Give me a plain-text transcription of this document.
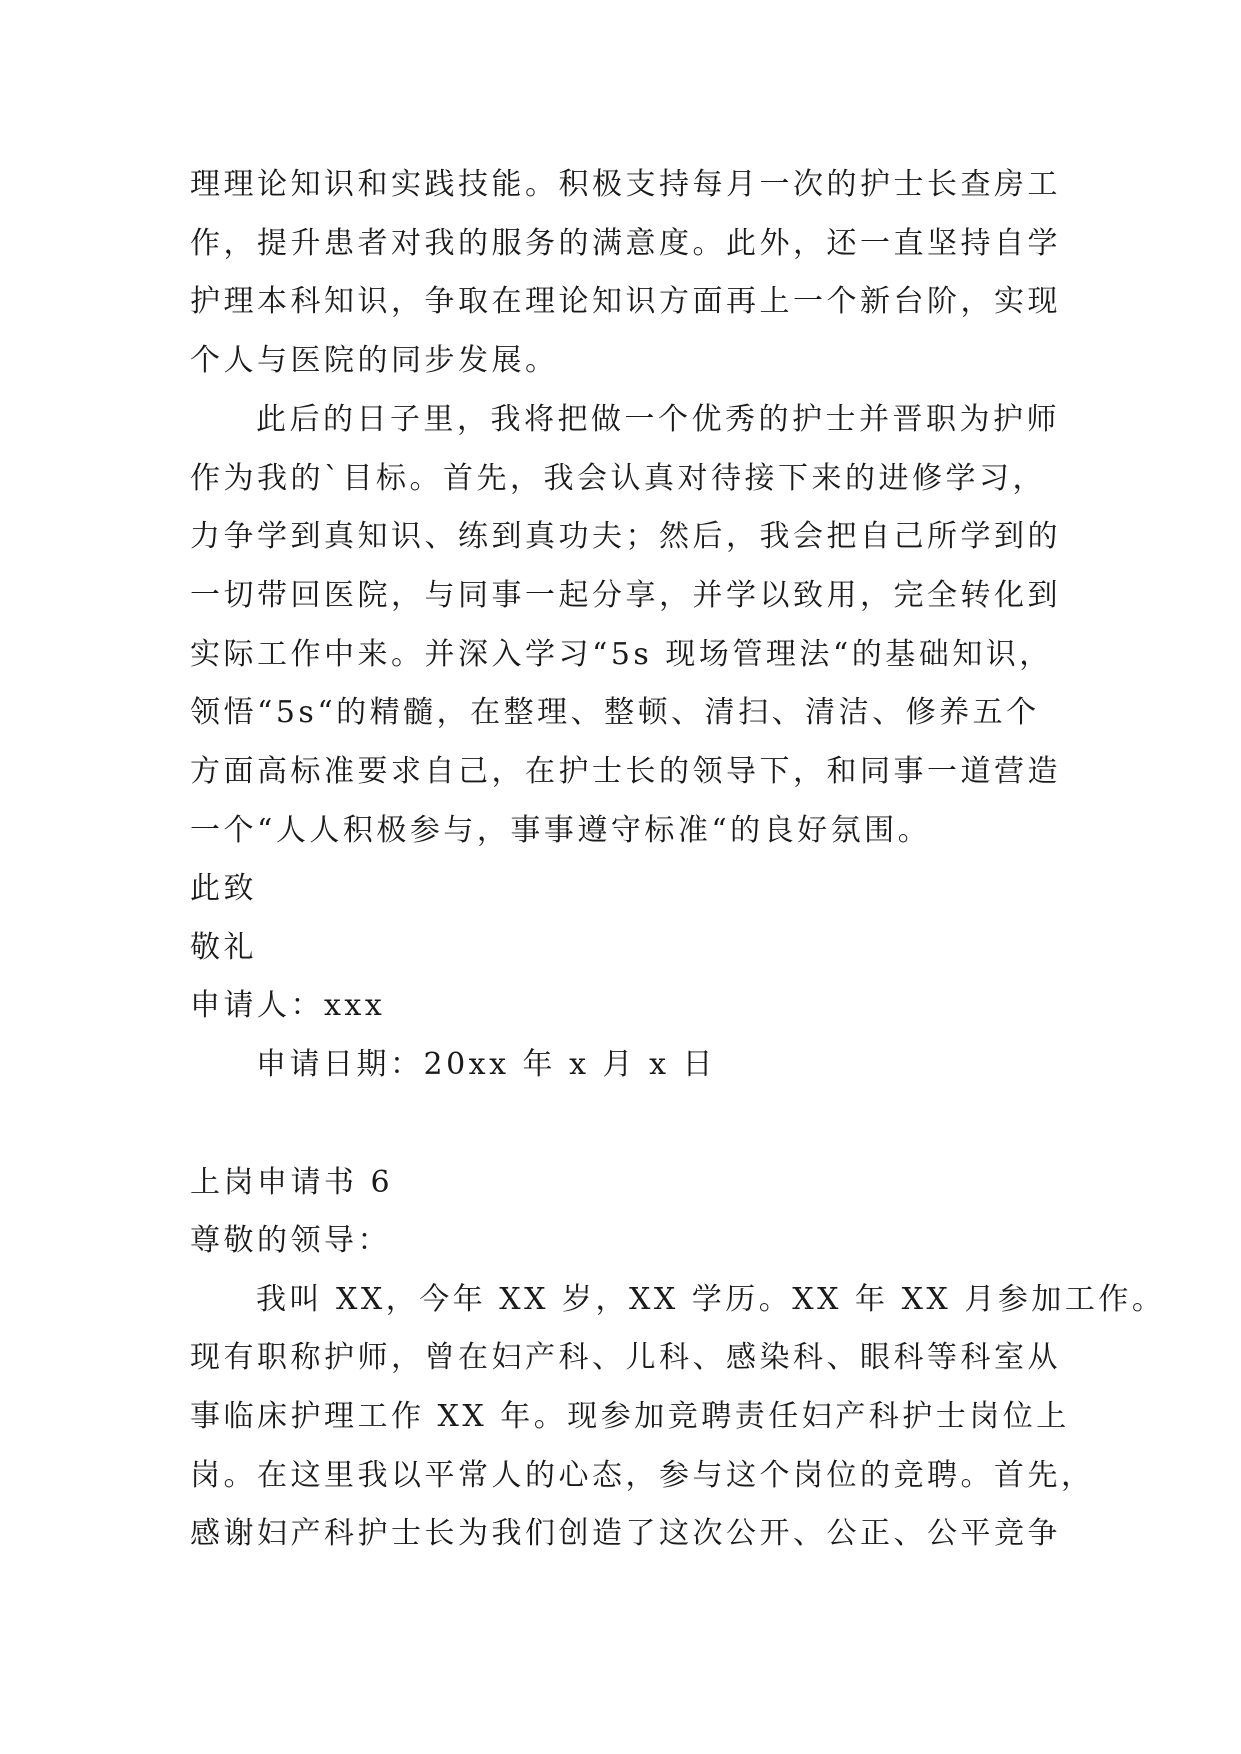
理理论知识和实践技能。积极支持每月一次的护士长查房工
作，提升患者对我的服务的满意度。此外，还一直坚持自学
护理本科知识，争取在理论知识方面再上一个新台阶，实现
个人与医院的同步发展。
此后的日子里，我将把做一个优秀的护士并晋职为护师
作为我的`目标。首先，我会认真对待接下来的进修学习，
力争学到真知识、练到真功夫；然后，我会把自己所学到的
一切带回医院，与同事一起分享，并学以致用，完全转化到
实际工作中来。并深入学习“5s 现场管理法“的基础知识，
领悟“5s“的精髓，在整理、整顿、清扫、清洁、修养五个
方面高标准要求自己，在护士长的领导下，和同事一道营造
一个“人人积极参与，事事遵守标准“的良好氛围。
此致
敬礼
申请人：xxx
申请日期：20xx 年 x 月 x 日
上岗申请书 6
尊敬的领导：
我叫 XX，今年 XX 岁，XX 学历。XX 年 XX 月参加工作。
现有职称护师，曾在妇产科、儿科、感染科、眼科等科室从
事临床护理工作 XX 年。现参加竞聘责任妇产科护士岗位上
岗。在这里我以平常人的心态，参与这个岗位的竞聘。首先，
感谢妇产科护士长为我们创造了这次公开、公正、公平竞争
